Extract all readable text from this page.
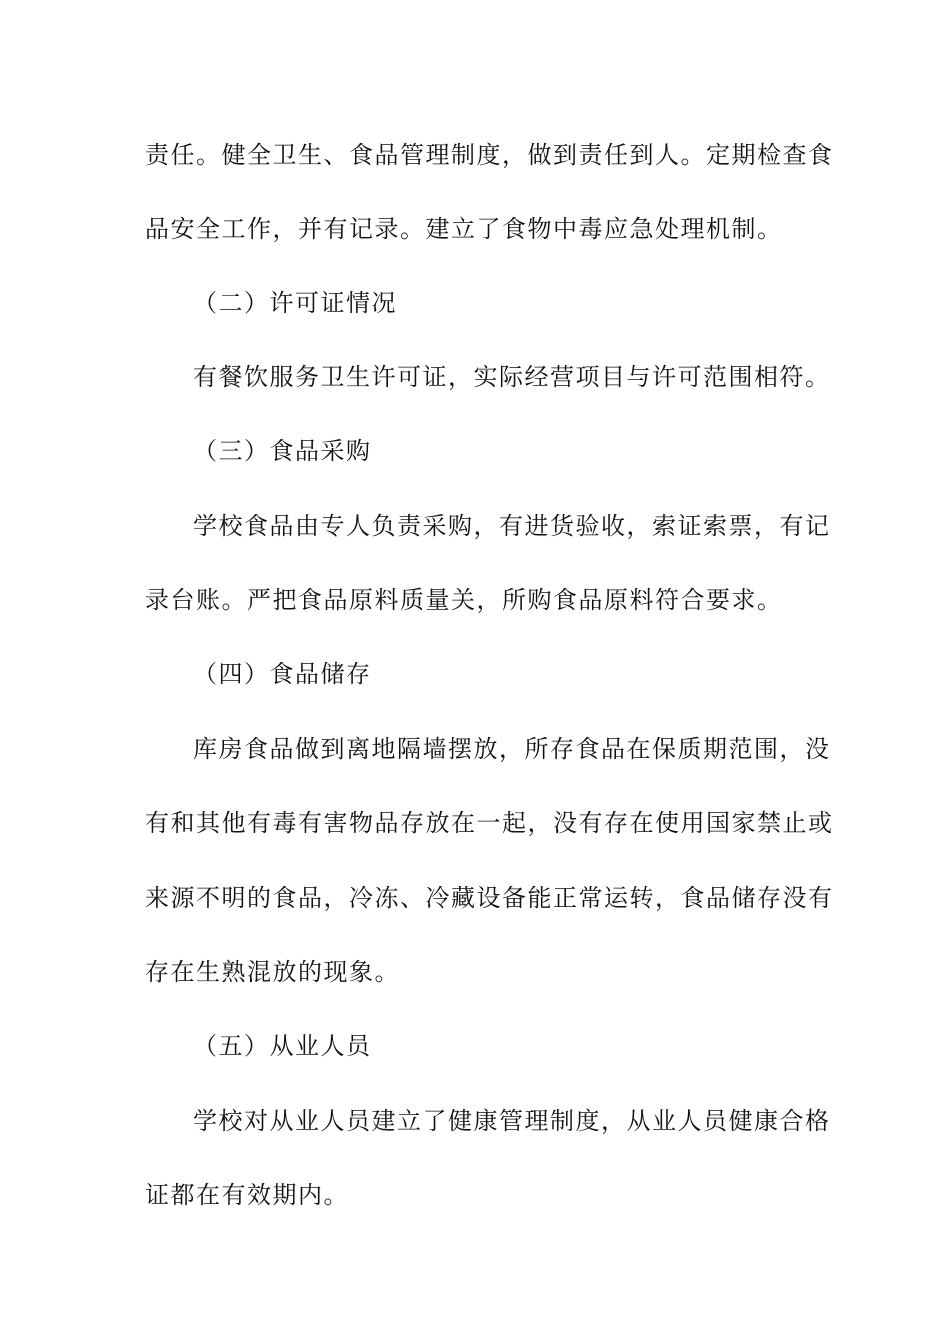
责任。健全卫生、食品管理制度，做到责任到人。定期检查食
品安全工作，并有记录。建立了食物中毒应急处理机制。
（二）许可证情况
有餐饮服务卫生许可证，实际经营项目与许可范围相符。
（三）食品采购
学校食品由专人负责采购，有进货验收，索证索票，有记
录台账。严把食品原料质量关，所购食品原料符合要求。
（四）食品储存
库房食品做到离地隔墙摆放，所存食品在保质期范围，没
有和其他有毒有害物品存放在一起，没有存在使用国家禁止或
来源不明的食品，冷冻、冷藏设备能正常运转，食品储存没有
存在生熟混放的现象。
（五）从业人员
学校对从业人员建立了健康管理制度，从业人员健康合格
证都在有效期内。
